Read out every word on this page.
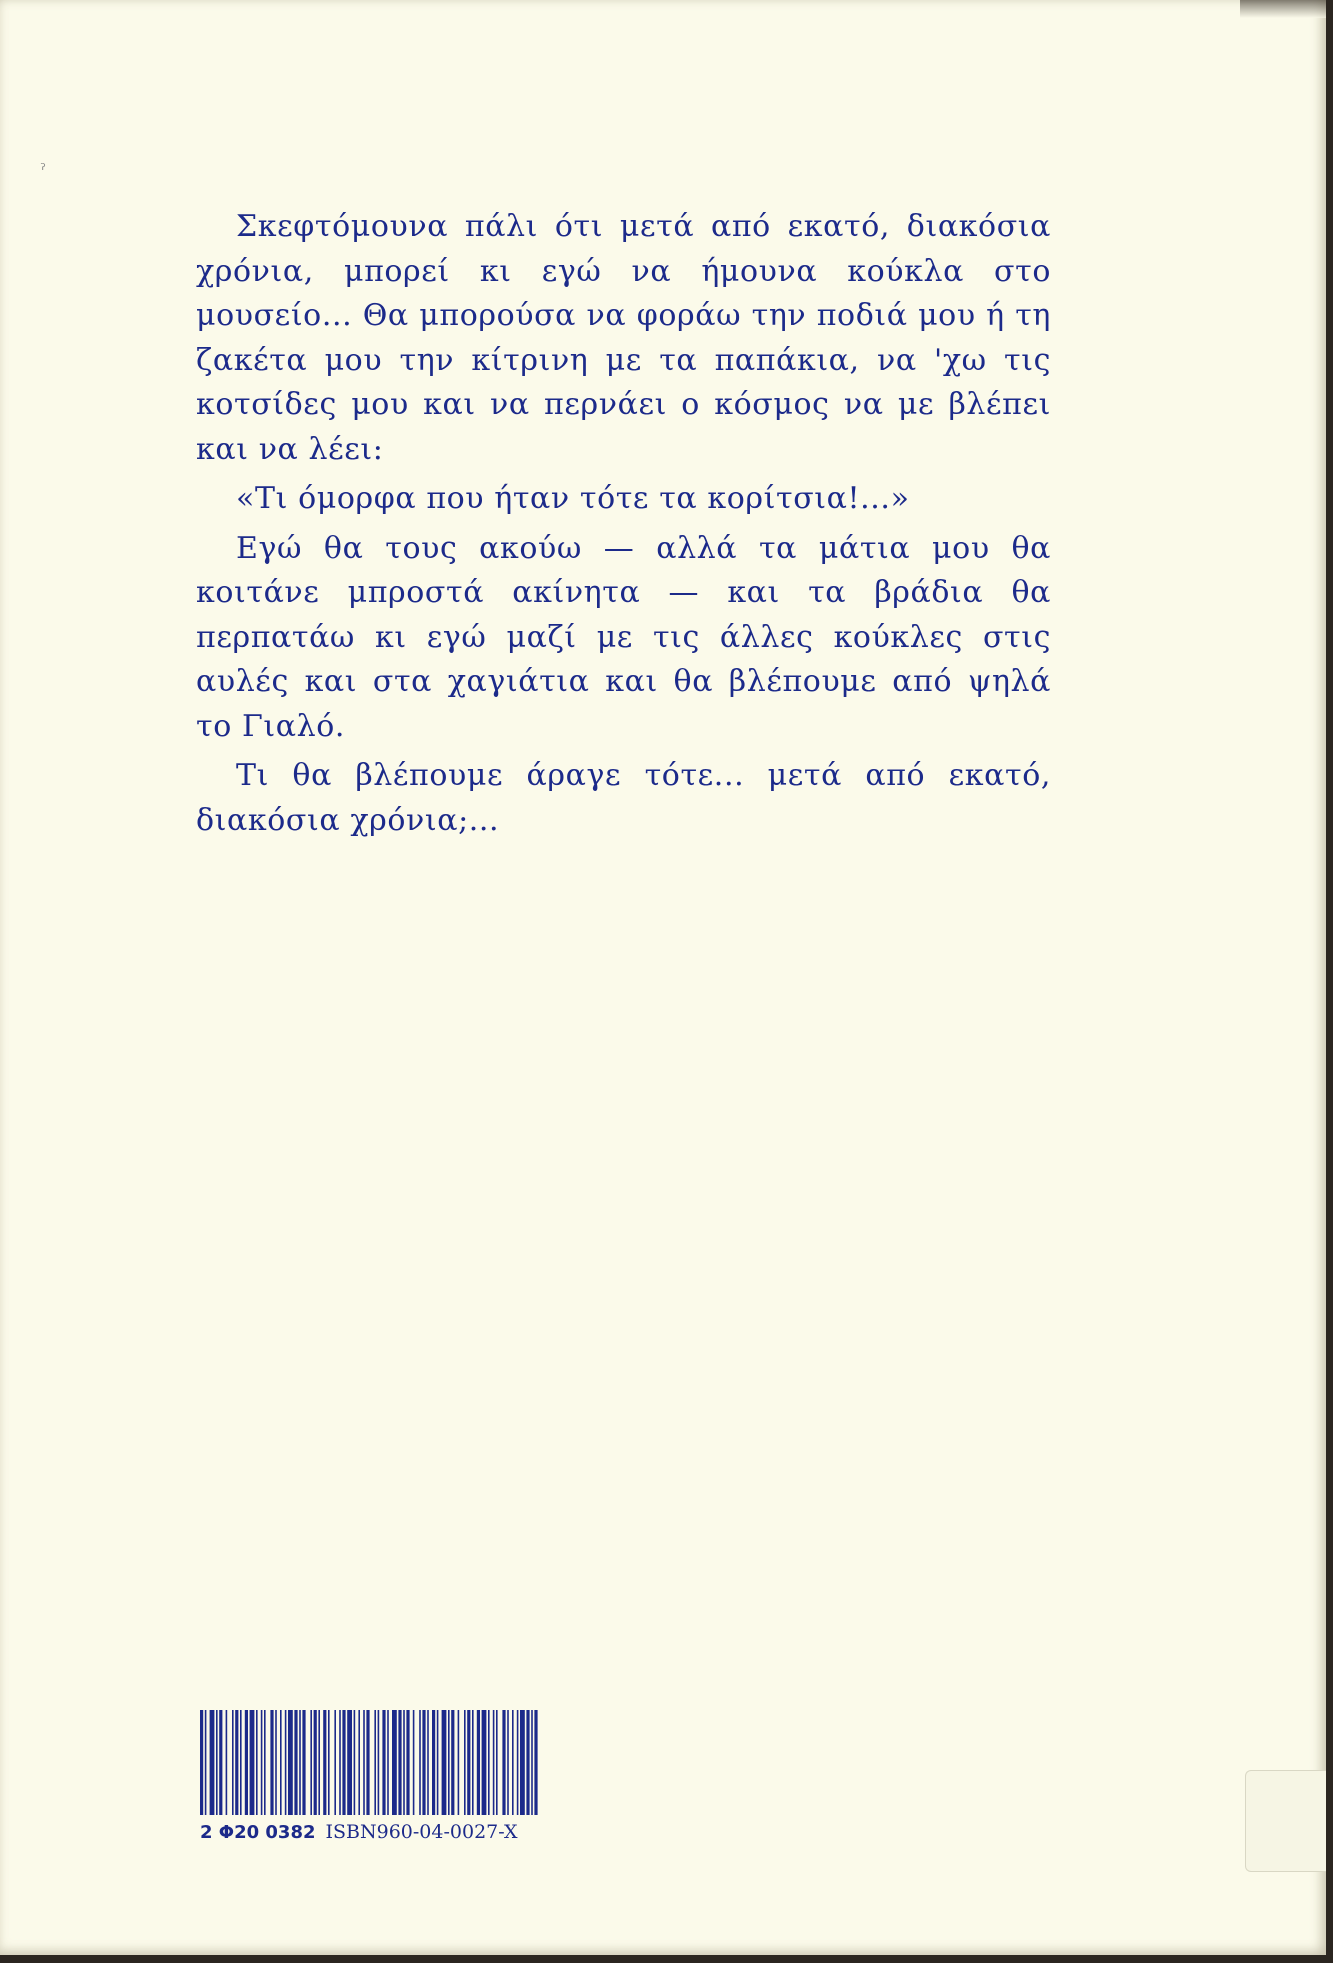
ˀ

Σκεφτόμουνα πάλι ότι μετά από εκατό, διακόσια χρόνια, μπορεί κι εγώ να ήμουνα κούκλα στο μουσείο... Θα μπορούσα να φοράω την ποδιά μου ή τη ζακέτα μου την κίτρινη με τα παπάκια, να 'χω τις κοτσίδες μου και να περνάει ο κόσμος να με βλέπει και να λέει:

«Τι όμορφα που ήταν τότε τα κορίτσια!...»

Εγώ θα τους ακούω — αλλά τα μάτια μου θα κοιτάνε μπροστά ακίνητα — και τα βράδια θα περπατάω κι εγώ μαζί με τις άλλες κούκλες στις αυλές και στα χαγιάτια και θα βλέπουμε από ψηλά το Γιαλό.

Τι θα βλέπουμε άραγε τότε... μετά από εκατό, διακόσια χρόνια;...

2 Φ20 0382 ISBN960-04-0027-X
